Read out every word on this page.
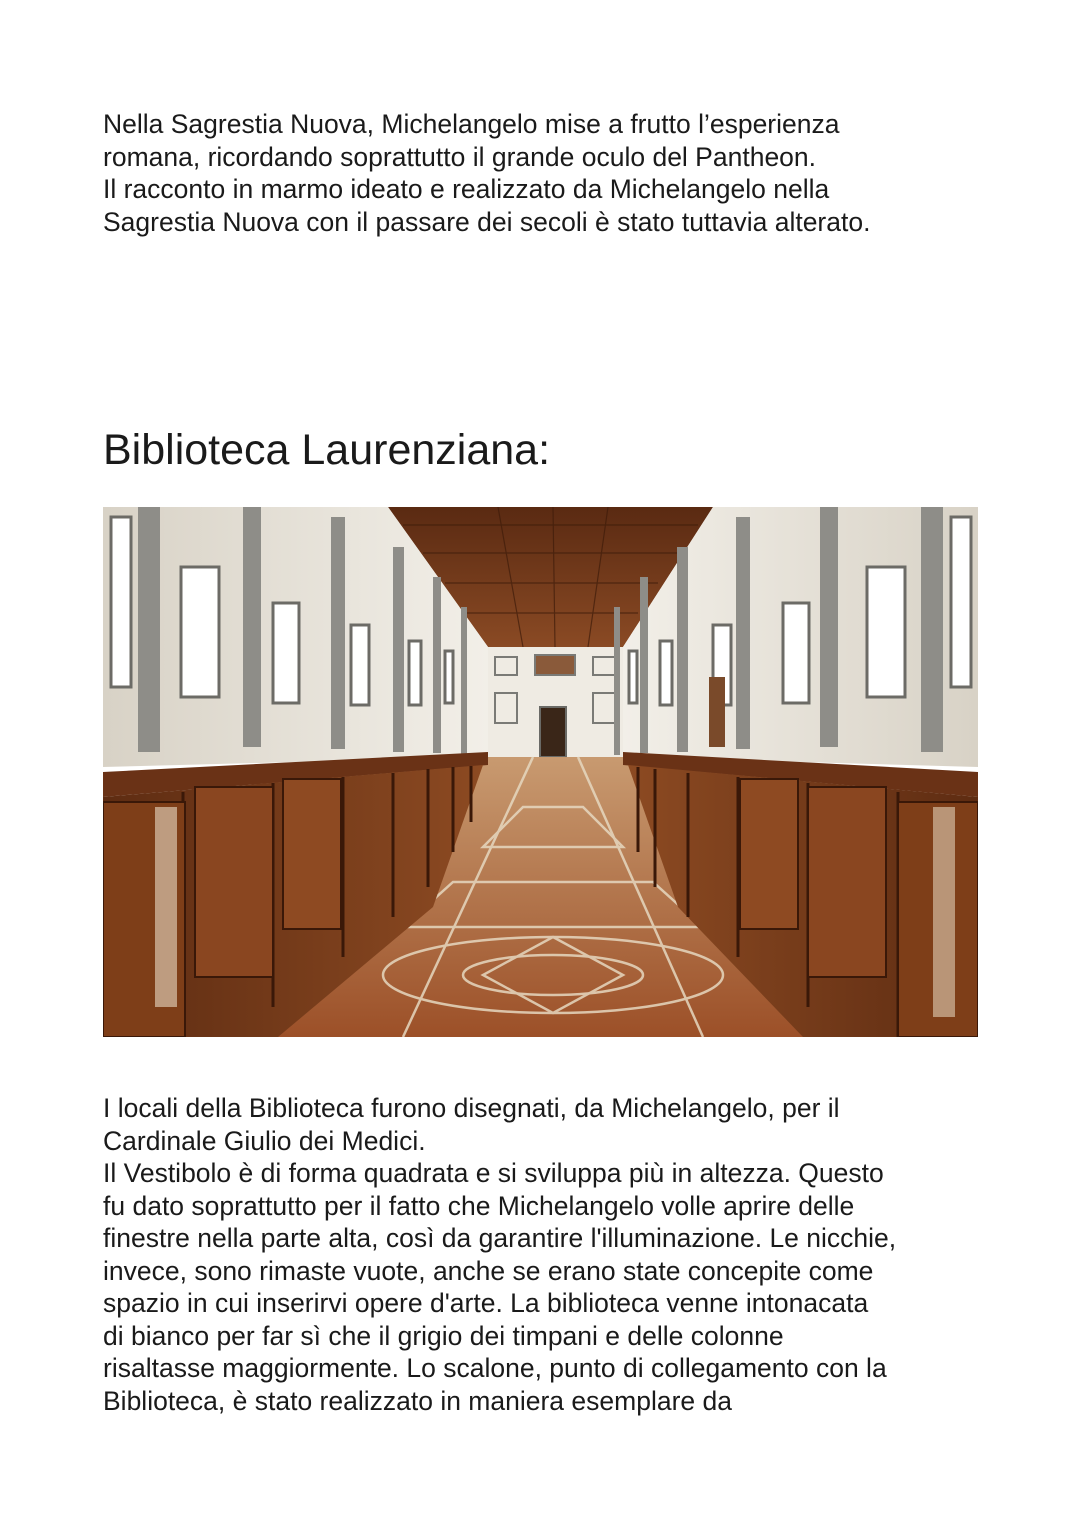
Nella Sagrestia Nuova, Michelangelo mise a frutto l’esperienza
romana, ricordando soprattutto il grande oculo del Pantheon.
Il racconto in marmo ideato e realizzato da Michelangelo nella
Sagrestia Nuova con il passare dei secoli è stato tuttavia alterato.
Biblioteca Laurenziana:
I locali della Biblioteca furono disegnati, da Michelangelo, per il
Cardinale Giulio dei Medici.
Il Vestibolo è di forma quadrata e si sviluppa più in altezza. Questo
fu dato soprattutto per il fatto che Michelangelo volle aprire delle
finestre nella parte alta, così da garantire l'illuminazione. Le nicchie,
invece, sono rimaste vuote, anche se erano state concepite come
spazio in cui inserirvi opere d'arte. La biblioteca venne intonacata
di bianco per far sì che il grigio dei timpani e delle colonne
risaltasse maggiormente. Lo scalone, punto di collegamento con la
Biblioteca, è stato realizzato in maniera esemplare da
